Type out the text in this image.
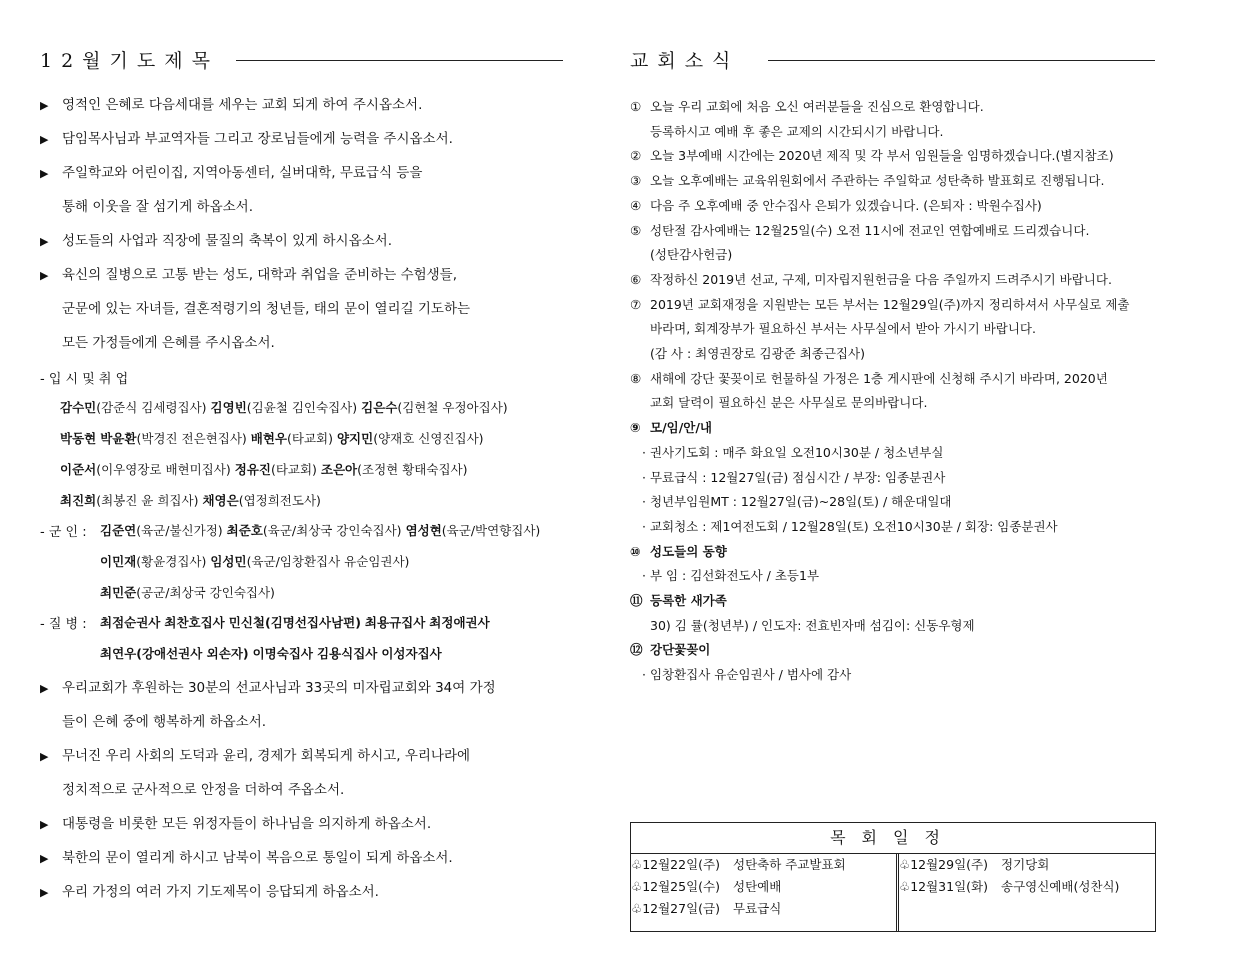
12월기도제목
▶ 영적인 은혜로 다음세대를 세우는 교회 되게 하여 주시옵소서.
▶ 담임목사님과 부교역자들 그리고 장로님들에게 능력을 주시옵소서.
▶ 주일학교와 어린이집, 지역아동센터, 실버대학, 무료급식 등을
통해 이웃을 잘 섬기게 하옵소서.
▶ 성도들의 사업과 직장에 물질의 축복이 있게 하시옵소서.
▶ 육신의 질병으로 고통 받는 성도, 대학과 취업을 준비하는 수험생들,
군문에 있는 자녀들, 결혼적령기의 청년들, 태의 문이 열리길 기도하는
모든 가정들에게 은혜를 주시옵소서.
- 입 시 및 취 업
감수민(감준식 김세령집사) 김영빈(김윤철 김인숙집사) 김은수(김현철 우정아집사)
박동현 박윤환(박경진 전은현집사) 배현우(타교회) 양지민(양재호 신영진집사)
이준서(이우영장로 배현미집사) 정유진(타교회) 조은아(조정현 황태숙집사)
최진희(최봉진 윤 희집사) 채영은(엽정희전도사)
- 군 인 : 김준연(육군/불신가정) 최준호(육군/최상국 강인숙집사) 염성현(육군/박연향집사)
이민재(황윤경집사) 임성민(육군/임창환집사 유순임권사)
최민준(공군/최상국 강인숙집사)
- 질 병 : 최점순권사 최찬호집사 민신철(김명선집사남편) 최용규집사 최정애권사
최연우(강애선권사 외손자) 이명숙집사 김용식집사 이성자집사
▶ 우리교회가 후원하는 30분의 선교사님과 33곳의 미자립교회와 34여 가정
들이 은혜 중에 행복하게 하옵소서.
▶ 무너진 우리 사회의 도덕과 윤리, 경제가 회복되게 하시고, 우리나라에
정치적으로 군사적으로 안정을 더하여 주옵소서.
▶ 대통령을 비롯한 모든 위정자들이 하나님을 의지하게 하옵소서.
▶ 북한의 문이 열리게 하시고 남북이 복음으로 통일이 되게 하옵소서.
▶ 우리 가정의 여러 가지 기도제목이 응답되게 하옵소서.
교회소식
① 오늘 우리 교회에 처음 오신 여러분들을 진심으로 환영합니다.
등록하시고 예배 후 좋은 교제의 시간되시기 바랍니다.
② 오늘 3부예배 시간에는 2020년 제직 및 각 부서 임원들을 임명하겠습니다.(별지참조)
③ 오늘 오후예배는 교육위원회에서 주관하는 주일학교 성탄축하 발표회로 진행됩니다.
④ 다음 주 오후예배 중 안수집사 은퇴가 있겠습니다. (은퇴자 : 박원수집사)
⑤ 성탄절 감사예배는 12월25일(수) 오전 11시에 전교인 연합예배로 드리겠습니다.
(성탄감사헌금)
⑥ 작정하신 2019년 선교, 구제, 미자립지원헌금을 다음 주일까지 드려주시기 바랍니다.
⑦ 2019년 교회재정을 지원받는 모든 부서는 12월29일(주)까지 정리하셔서 사무실로 제출
바라며, 회계장부가 필요하신 부서는 사무실에서 받아 가시기 바랍니다.
(감 사 : 최영권장로 김광준 최종근집사)
⑧ 새해에 강단 꽃꽂이로 헌물하실 가정은 1층 게시판에 신청해 주시기 바라며, 2020년
교회 달력이 필요하신 분은 사무실로 문의바랍니다.
⑨ 모/임/안/내
· 권사기도회 : 매주 화요일 오전10시30분 / 청소년부실
· 무료급식 : 12월27일(금) 점심시간 / 부장: 임종분권사
· 청년부임원MT : 12월27일(금)~28일(토) / 해운대일대
· 교회청소 : 제1여전도회 / 12월28일(토) 오전10시30분 / 회장: 임종분권사
⑩ 성도들의 동향
· 부 임 : 김선화전도사 / 초등1부
⑪ 등록한 새가족
30) 김 률(청년부) / 인도자: 전효빈자매 섬김이: 신동우형제
⑫ 강단꽃꽂이
· 임창환집사 유순임권사 / 범사에 감사
목회일정
♧12월22일(주) 성탄축하 주교발표회
♧12월25일(수) 성탄예배
♧12월27일(금) 무료급식
♧12월29일(주) 정기당회
♧12월31일(화) 송구영신예배(성찬식)
